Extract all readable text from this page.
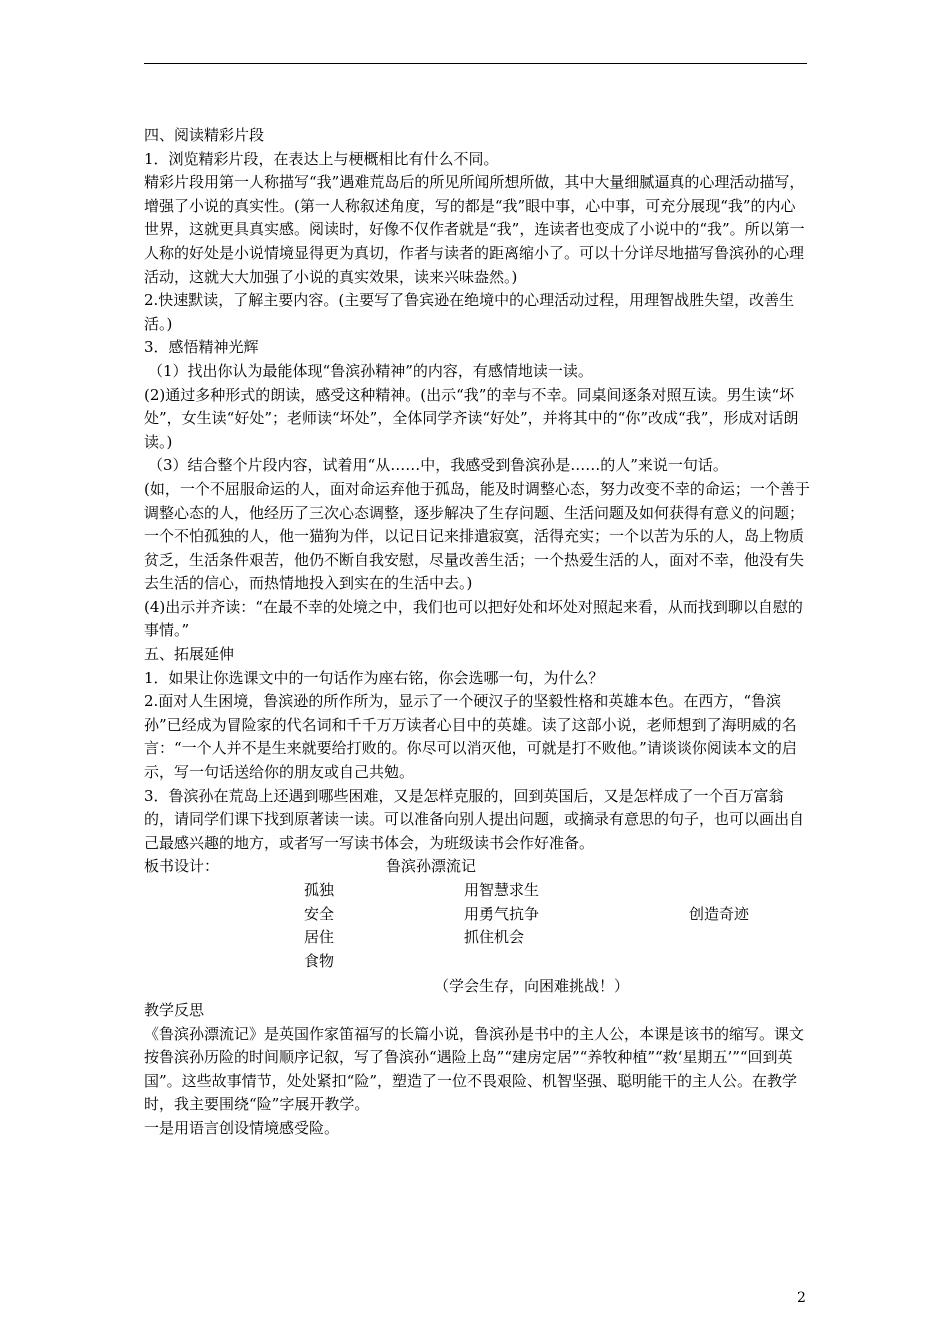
四、阅读精彩片段

1．浏览精彩片段，在表达上与梗概相比有什么不同。

精彩片段用第一人称描写“我”遇难荒岛后的所见所闻所想所做，其中大量细腻逼真的心理活动描写，增强了小说的真实性。(第一人称叙述角度，写的都是“我”眼中事，心中事，可充分展现“我”的内心世界，这就更具真实感。阅读时，好像不仅作者就是“我”，连读者也变成了小说中的“我”。所以第一人称的好处是小说情境显得更为真切，作者与读者的距离缩小了。可以十分详尽地描写鲁滨孙的心理活动，这就大大加强了小说的真实效果，读来兴味盎然。)

2.快速默读，了解主要内容。(主要写了鲁宾逊在绝境中的心理活动过程，用理智战胜失望，改善生活。)

3．感悟精神光辉

（1）找出你认为最能体现“鲁滨孙精神”的内容，有感情地读一读。

(2)通过多种形式的朗读，感受这种精神。(出示“我”的幸与不幸。同桌间逐条对照互读。男生读“坏处”，女生读“好处”；老师读“坏处”，全体同学齐读“好处”，并将其中的“你”改成“我”，形成对话朗读。)

（3）结合整个片段内容，试着用“从……中，我感受到鲁滨孙是……的人”来说一句话。

(如，一个不屈服命运的人，面对命运弃他于孤岛，能及时调整心态，努力改变不幸的命运；一个善于调整心态的人，他经历了三次心态调整，逐步解决了生存问题、生活问题及如何获得有意义的问题；一个不怕孤独的人，他一猫狗为伴，以记日记来排遣寂寞，活得充实；一个以苦为乐的人，岛上物质贫乏，生活条件艰苦，他仍不断自我安慰，尽量改善生活；一个热爱生活的人，面对不幸，他没有失去生活的信心，而热情地投入到实在的生活中去。)

(4)出示并齐读：“在最不幸的处境之中，我们也可以把好处和坏处对照起来看，从而找到聊以自慰的事情。”

五、拓展延伸

1．如果让你选课文中的一句话作为座右铭，你会选哪一句，为什么？

2.面对人生困境，鲁滨逊的所作所为，显示了一个硬汉子的坚毅性格和英雄本色。在西方，“鲁滨孙”已经成为冒险家的代名词和千千万万读者心目中的英雄。读了这部小说，老师想到了海明威的名言：“一个人并不是生来就要给打败的。你尽可以消灭他，可就是打不败他。”请谈谈你阅读本文的启示，写一句话送给你的朋友或自己共勉。

3．鲁滨孙在荒岛上还遇到哪些困难，又是怎样克服的，回到英国后，又是怎样成了一个百万富翁的，请同学们课下找到原著读一读。可以准备向别人提出问题，或摘录有意思的句子，也可以画出自己最感兴趣的地方，或者写一写读书体会，为班级读书会作好准备。

板书设计：	鲁滨孙漂流记
孤独
安全
居住
食物
用智慧求生
用勇气抗争
抓住机会
创造奇迹

（学会生存，向困难挑战！）

教学反思

《鲁滨孙漂流记》是英国作家笛福写的长篇小说，鲁滨孙是书中的主人公，本课是该书的缩写。课文按鲁滨孙历险的时间顺序记叙，写了鲁滨孙“遇险上岛”“建房定居”“养牧种植”“救‘星期五’”“回到英国”。这些故事情节，处处紧扣“险”，塑造了一位不畏艰险、机智坚强、聪明能干的主人公。在教学时，我主要围绕“险”字展开教学。

一是用语言创设情境感受险。

2
